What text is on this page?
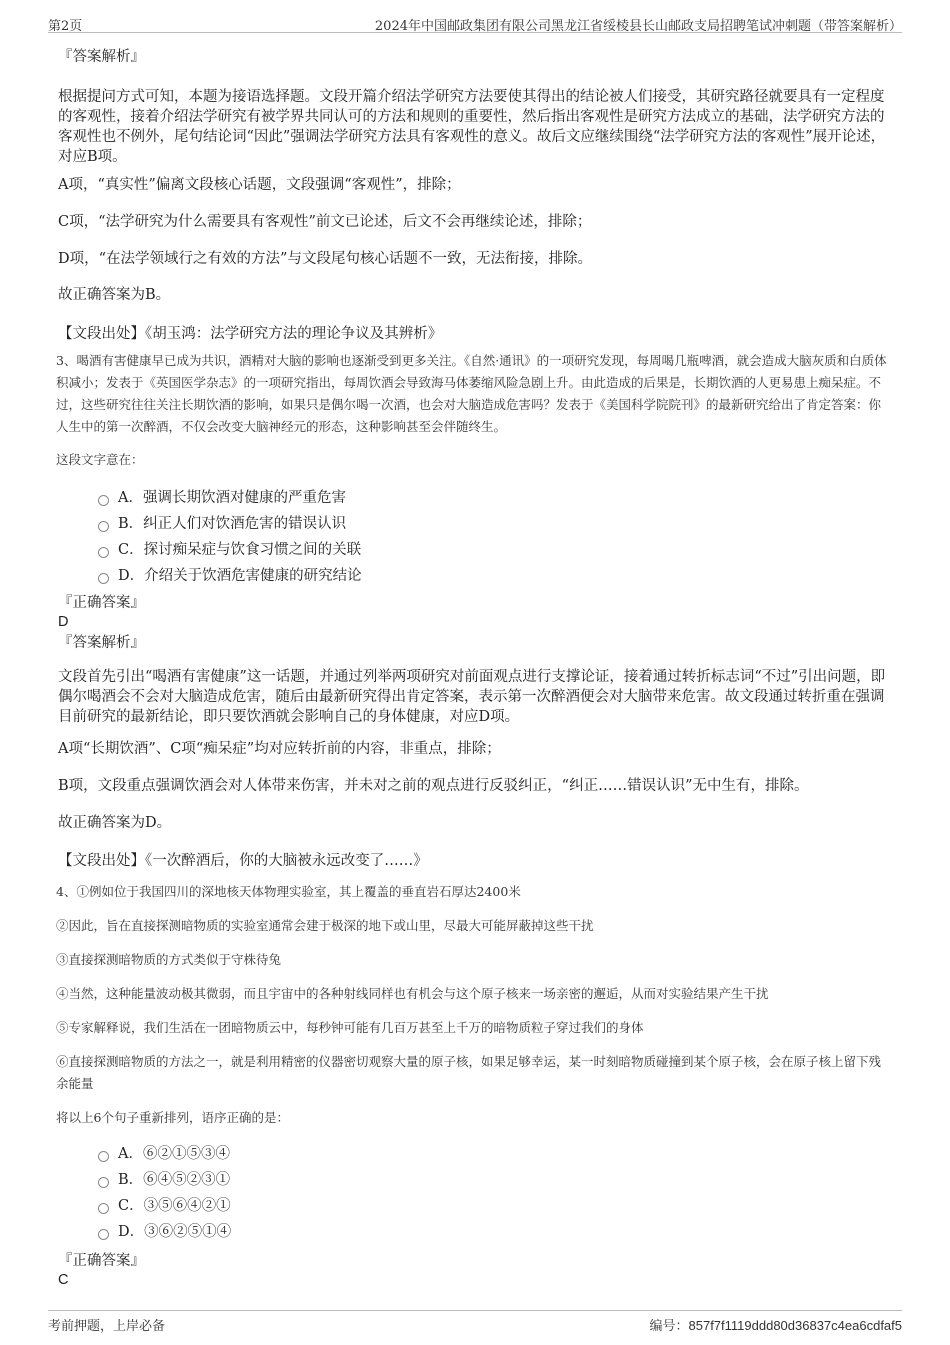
第2页	2024年中国邮政集团有限公司黑龙江省绥棱县长山邮政支局招聘笔试冲刺题（带答案解析）
『答案解析』

根据提问方式可知，本题为接语选择题。文段开篇介绍法学研究方法要使其得出的结论被人们接受，其研究路径就要具有一定程度的客观性，接着介绍法学研究有被学界共同认可的方法和规则的重要性，然后指出客观性是研究方法成立的基础，法学研究方法的客观性也不例外，尾句结论词“因此”强调法学研究方法具有客观性的意义。故后文应继续围绕“法学研究方法的客观性”展开论述，对应B项。

A项，“真实性”偏离文段核心话题，文段强调“客观性”，排除；

C项，“法学研究为什么需要具有客观性”前文已论述，后文不会再继续论述，排除；

D项，“在法学领域行之有效的方法”与文段尾句核心话题不一致，无法衔接，排除。

故正确答案为B。

【文段出处】《胡玉鸿：法学研究方法的理论争议及其辨析》

3、喝酒有害健康早已成为共识，酒精对大脑的影响也逐渐受到更多关注。《自然·通讯》的一项研究发现，每周喝几瓶啤酒，就会造成大脑灰质和白质体积减小；发表于《英国医学杂志》的一项研究指出，每周饮酒会导致海马体萎缩风险急剧上升。由此造成的后果是，长期饮酒的人更易患上痴呆症。不过，这些研究往往关注长期饮酒的影响，如果只是偶尔喝一次酒，也会对大脑造成危害吗？发表于《美国科学院院刊》的最新研究给出了肯定答案：你人生中的第一次醉酒，不仅会改变大脑神经元的形态，这种影响甚至会伴随终生。

这段文字意在：

A．强调长期饮酒对健康的严重危害
B．纠正人们对饮酒危害的错误认识
C．探讨痴呆症与饮食习惯之间的关联
D．介绍关于饮酒危害健康的研究结论
『正确答案』
D
『答案解析』

文段首先引出“喝酒有害健康”这一话题，并通过列举两项研究对前面观点进行支撑论证，接着通过转折标志词“不过”引出问题，即偶尔喝酒会不会对大脑造成危害，随后由最新研究得出肯定答案，表示第一次醉酒便会对大脑带来危害。故文段通过转折重在强调目前研究的最新结论，即只要饮酒就会影响自己的身体健康，对应D项。

A项“长期饮酒”、C项“痴呆症”均对应转折前的内容，非重点，排除；

B项，文段重点强调饮酒会对人体带来伤害，并未对之前的观点进行反驳纠正，“纠正……错误认识”无中生有，排除。

故正确答案为D。

【文段出处】《一次醉酒后，你的大脑被永远改变了……》

4、①例如位于我国四川的深地核天体物理实验室，其上覆盖的垂直岩石厚达2400米

②因此，旨在直接探测暗物质的实验室通常会建于极深的地下或山里，尽最大可能屏蔽掉这些干扰

③直接探测暗物质的方式类似于守株待兔

④当然，这种能量波动极其微弱，而且宇宙中的各种射线同样也有机会与这个原子核来一场亲密的邂逅，从而对实验结果产生干扰

⑤专家解释说，我们生活在一团暗物质云中，每秒钟可能有几百万甚至上千万的暗物质粒子穿过我们的身体

⑥直接探测暗物质的方法之一，就是利用精密的仪器密切观察大量的原子核，如果足够幸运，某一时刻暗物质碰撞到某个原子核，会在原子核上留下残余能量

将以上6个句子重新排列，语序正确的是：

A．⑥②①⑤③④
B．⑥④⑤②③①
C．③⑤⑥④②①
D．③⑥②⑤①④
『正确答案』
C
考前押题，上岸必备	编号：857f7f1119ddd80d36837c4ea6cdfaf5
